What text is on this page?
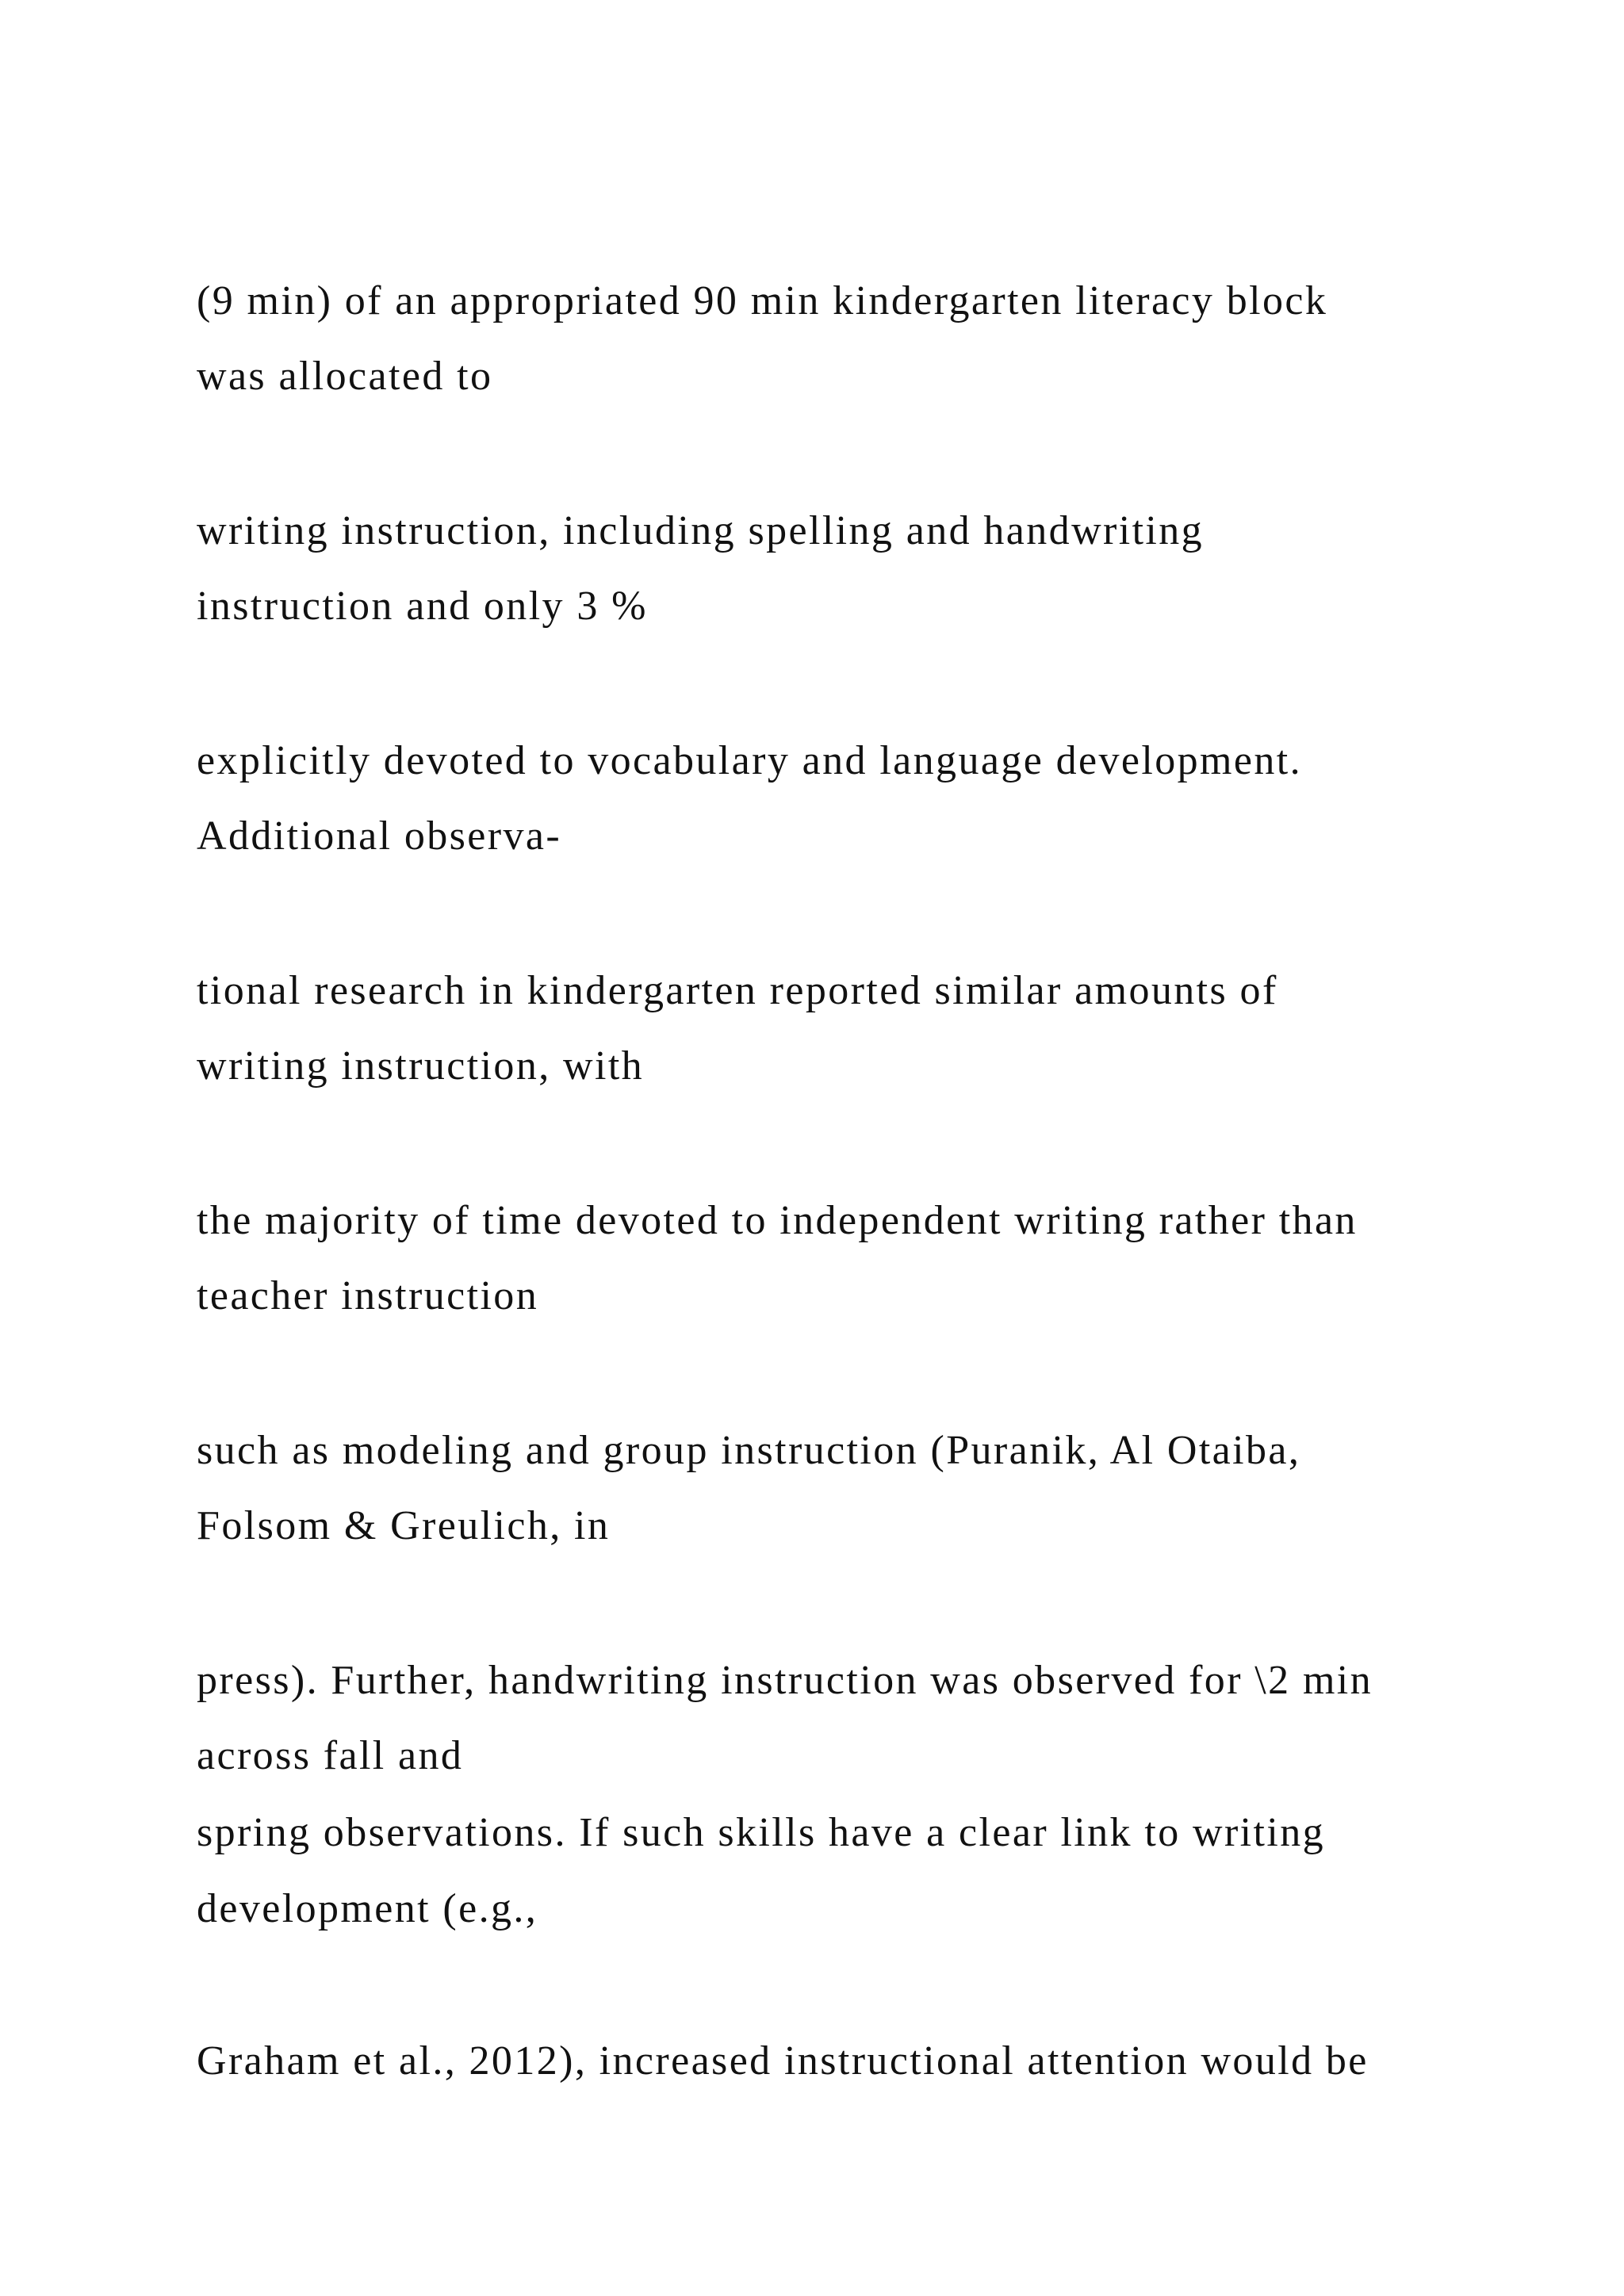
(9 min) of an appropriated 90 min kindergarten literacy block

was allocated to

writing instruction, including spelling and handwriting

instruction and only 3 %

explicitly devoted to vocabulary and language development.

Additional observa-

tional research in kindergarten reported similar amounts of

writing instruction, with

the majority of time devoted to independent writing rather than

teacher instruction

such as modeling and group instruction (Puranik, Al Otaiba,

Folsom & Greulich, in

press). Further, handwriting instruction was observed for \2 min

across fall and

spring observations. If such skills have a clear link to writing

development (e.g.,

Graham et al., 2012), increased instructional attention would be
